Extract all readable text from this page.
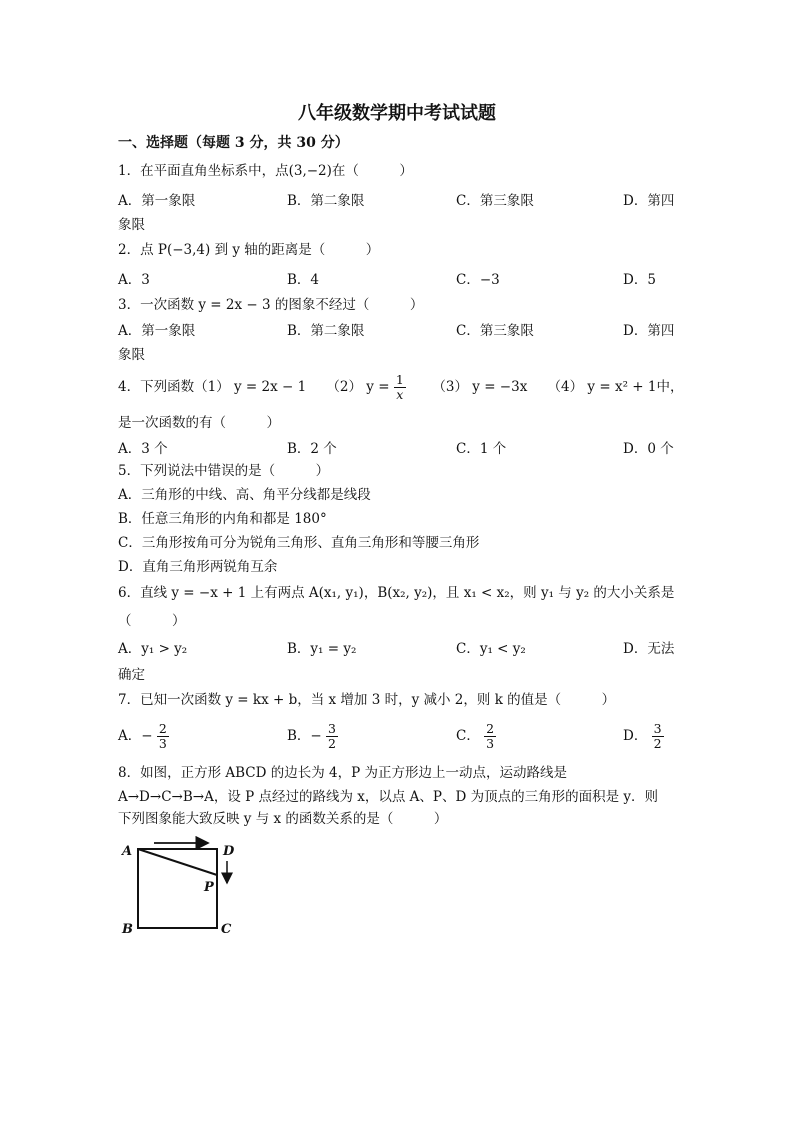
八年级数学期中考试试题
一、选择题（每题 3 分，共 30 分）
1．在平面直角坐标系中，点(3,−2)在（　　　）
A．第一象限	B．第二象限	C．第三象限	D．第四
象限
2．点 P(−3,4) 到 y 轴的距离是（　　　）
A．3	B．4	C．−3	D．5
3．一次函数 y = 2x − 3 的图象不经过（　　　）
A．第一象限	B．第二象限	C．第三象限	D．第四
象限
4．下列函数（1） y = 2x − 1　　（2） $y = \frac{1}{x} (3) y = -3x$　　（4） y = x² + 1中，
是一次函数的有（　　　）
A．3 个	B．2 个	C．1 个	D．0 个
5．下列说法中错误的是（　　　）
A．三角形的中线、高、角平分线都是线段
B．任意三角形的内角和都是 180°
C．三角形按角可分为锐角三角形、直角三角形和等腰三角形
D．直角三角形两锐角互余
6．直线 y = −x + 1 上有两点 A(x₁, y₁)，B(x₂, y₂)，且 x₁ < x₂，则 y₁ 与 y₂ 的大小关系是
（　　　）
A．y₁ > y₂	B．y₁ = y₂	C．y₁ < y₂	D．无法
确定
7．已知一次函数 y = kx + b，当 x 增加 3 时，y 减小 2，则 k 的值是（　　　）
A．− $\frac{2}{3}$	B．− $\frac{3}{2}$	C． $\frac{2}{3}$	D． $\frac{3}{2}$
8．如图，正方形 ABCD 的边长为 4，P 为正方形边上一动点，运动路线是
A→D→C→B→A，设 P 点经过的路线为 x，以点 A、P、D 为顶点的三角形的面积是 y．则
下列图象能大致反映 y 与 x 的函数关系的是（　　　）
A	D
P
B	C
